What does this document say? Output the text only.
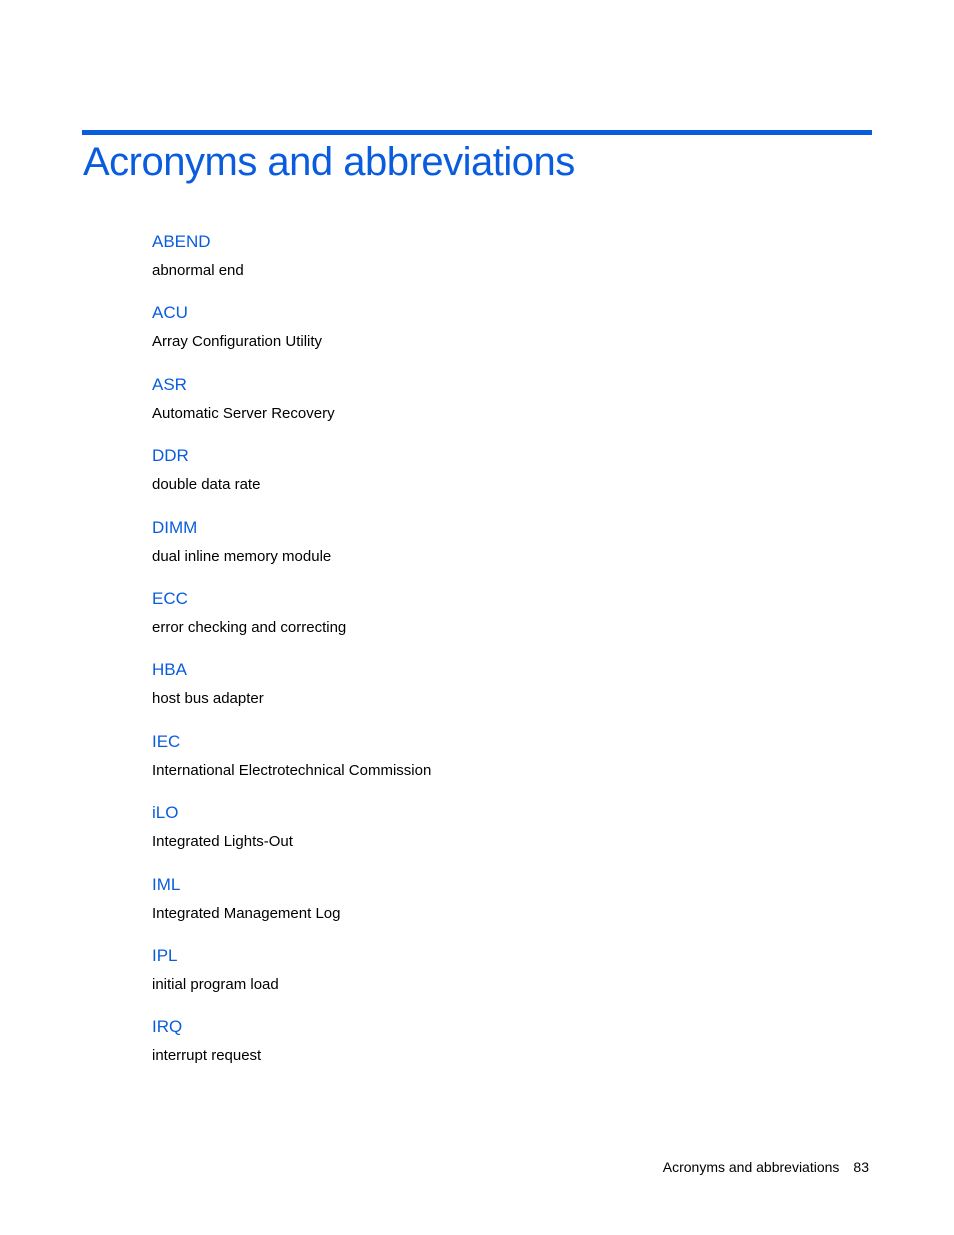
Acronyms and abbreviations
ABEND
abnormal end
ACU
Array Configuration Utility
ASR
Automatic Server Recovery
DDR
double data rate
DIMM
dual inline memory module
ECC
error checking and correcting
HBA
host bus adapter
IEC
International Electrotechnical Commission
iLO
Integrated Lights-Out
IML
Integrated Management Log
IPL
initial program load
IRQ
interrupt request
Acronyms and abbreviations 83
